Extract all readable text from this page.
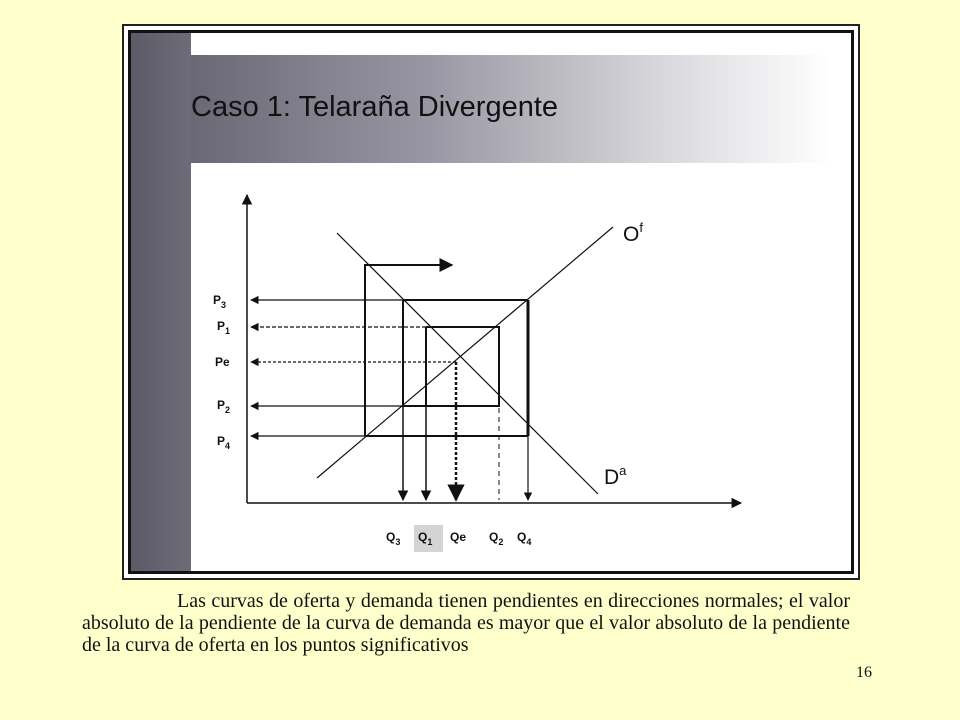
Caso 1: Telaraña Divergente
$O^f$
$D^a$
$P_3$
$P_1$
Pe
$P_2$
$P_4$
$Q_3$ $Q_1$ Qe $Q_2$ $Q_4$

Las curvas de oferta y demanda tienen pendientes en direcciones normales; el valor absoluto de la pendiente de la curva de demanda es mayor que el valor absoluto de la pendiente de la curva de oferta en los puntos significativos

16
